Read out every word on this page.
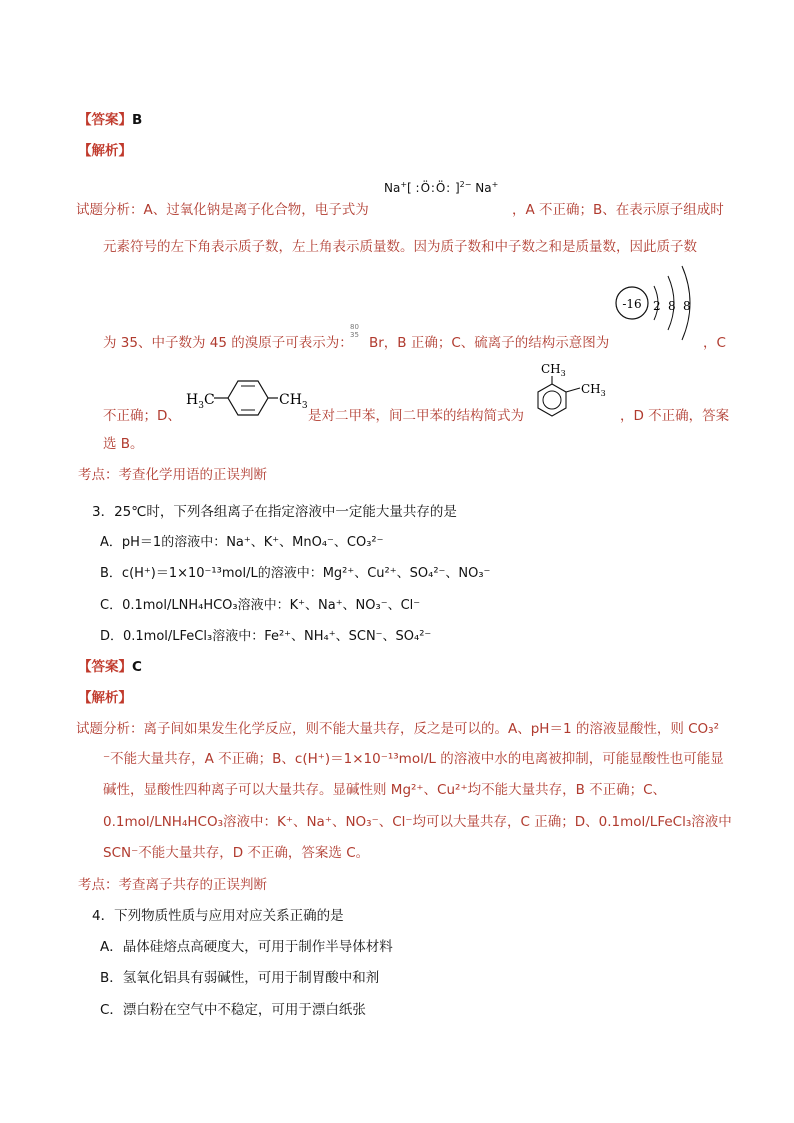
【答案】B
【解析】
试题分析：A、过氧化钠是离子化合物，电子式为
Na+[ :Ö:Ö: ]$^{2-}$ Na+
，A 不正确；B、在表示原子组成时
元素符号的左下角表示质子数，左上角表示质量数。因为质子数和中子数之和是质量数，因此质子数
-16 2 8 8
为 35、中子数为 45 的溴原子可表示为：
80
35 Br，B 正确；C、硫离子的结构示意图为	，C
$H_3C$	$CH_3$
$CH_3$
$CH_3$
不正确；D、	是对二甲苯，间二甲苯的结构简式为	，D 不正确，答案
选 B。
考点：考查化学用语的正误判断
3．25℃时，下列各组离子在指定溶液中一定能大量共存的是
A．pH＝1的溶液中：Na⁺、K⁺、MnO₄⁻、CO₃²⁻
B．c(H⁺)＝1×10⁻¹³mol/L的溶液中：Mg²⁺、Cu²⁺、SO₄²⁻、NO₃⁻
C．0.1mol/LNH₄HCO₃溶液中：K⁺、Na⁺、NO₃⁻、Cl⁻
D．0.1mol/LFeCl₃溶液中：Fe²⁺、NH₄⁺、SCN⁻、SO₄²⁻
【答案】C
【解析】
试题分析：离子间如果发生化学反应，则不能大量共存，反之是可以的。A、pH＝1 的溶液显酸性，则 CO₃²
⁻不能大量共存，A 不正确；B、c(H⁺)＝1×10⁻¹³mol/L 的溶液中水的电离被抑制，可能显酸性也可能显
碱性，显酸性四种离子可以大量共存。显碱性则 Mg²⁺、Cu²⁺均不能大量共存，B 不正确；C、
0.1mol/LNH₄HCO₃溶液中：K⁺、Na⁺、NO₃⁻、Cl⁻均可以大量共存，C 正确；D、0.1mol/LFeCl₃溶液中
SCN⁻不能大量共存，D 不正确，答案选 C。
考点：考查离子共存的正误判断
4．下列物质性质与应用对应关系正确的是
A．晶体硅熔点高硬度大，可用于制作半导体材料
B．氢氧化铝具有弱碱性，可用于制胃酸中和剂
C．漂白粉在空气中不稳定，可用于漂白纸张
